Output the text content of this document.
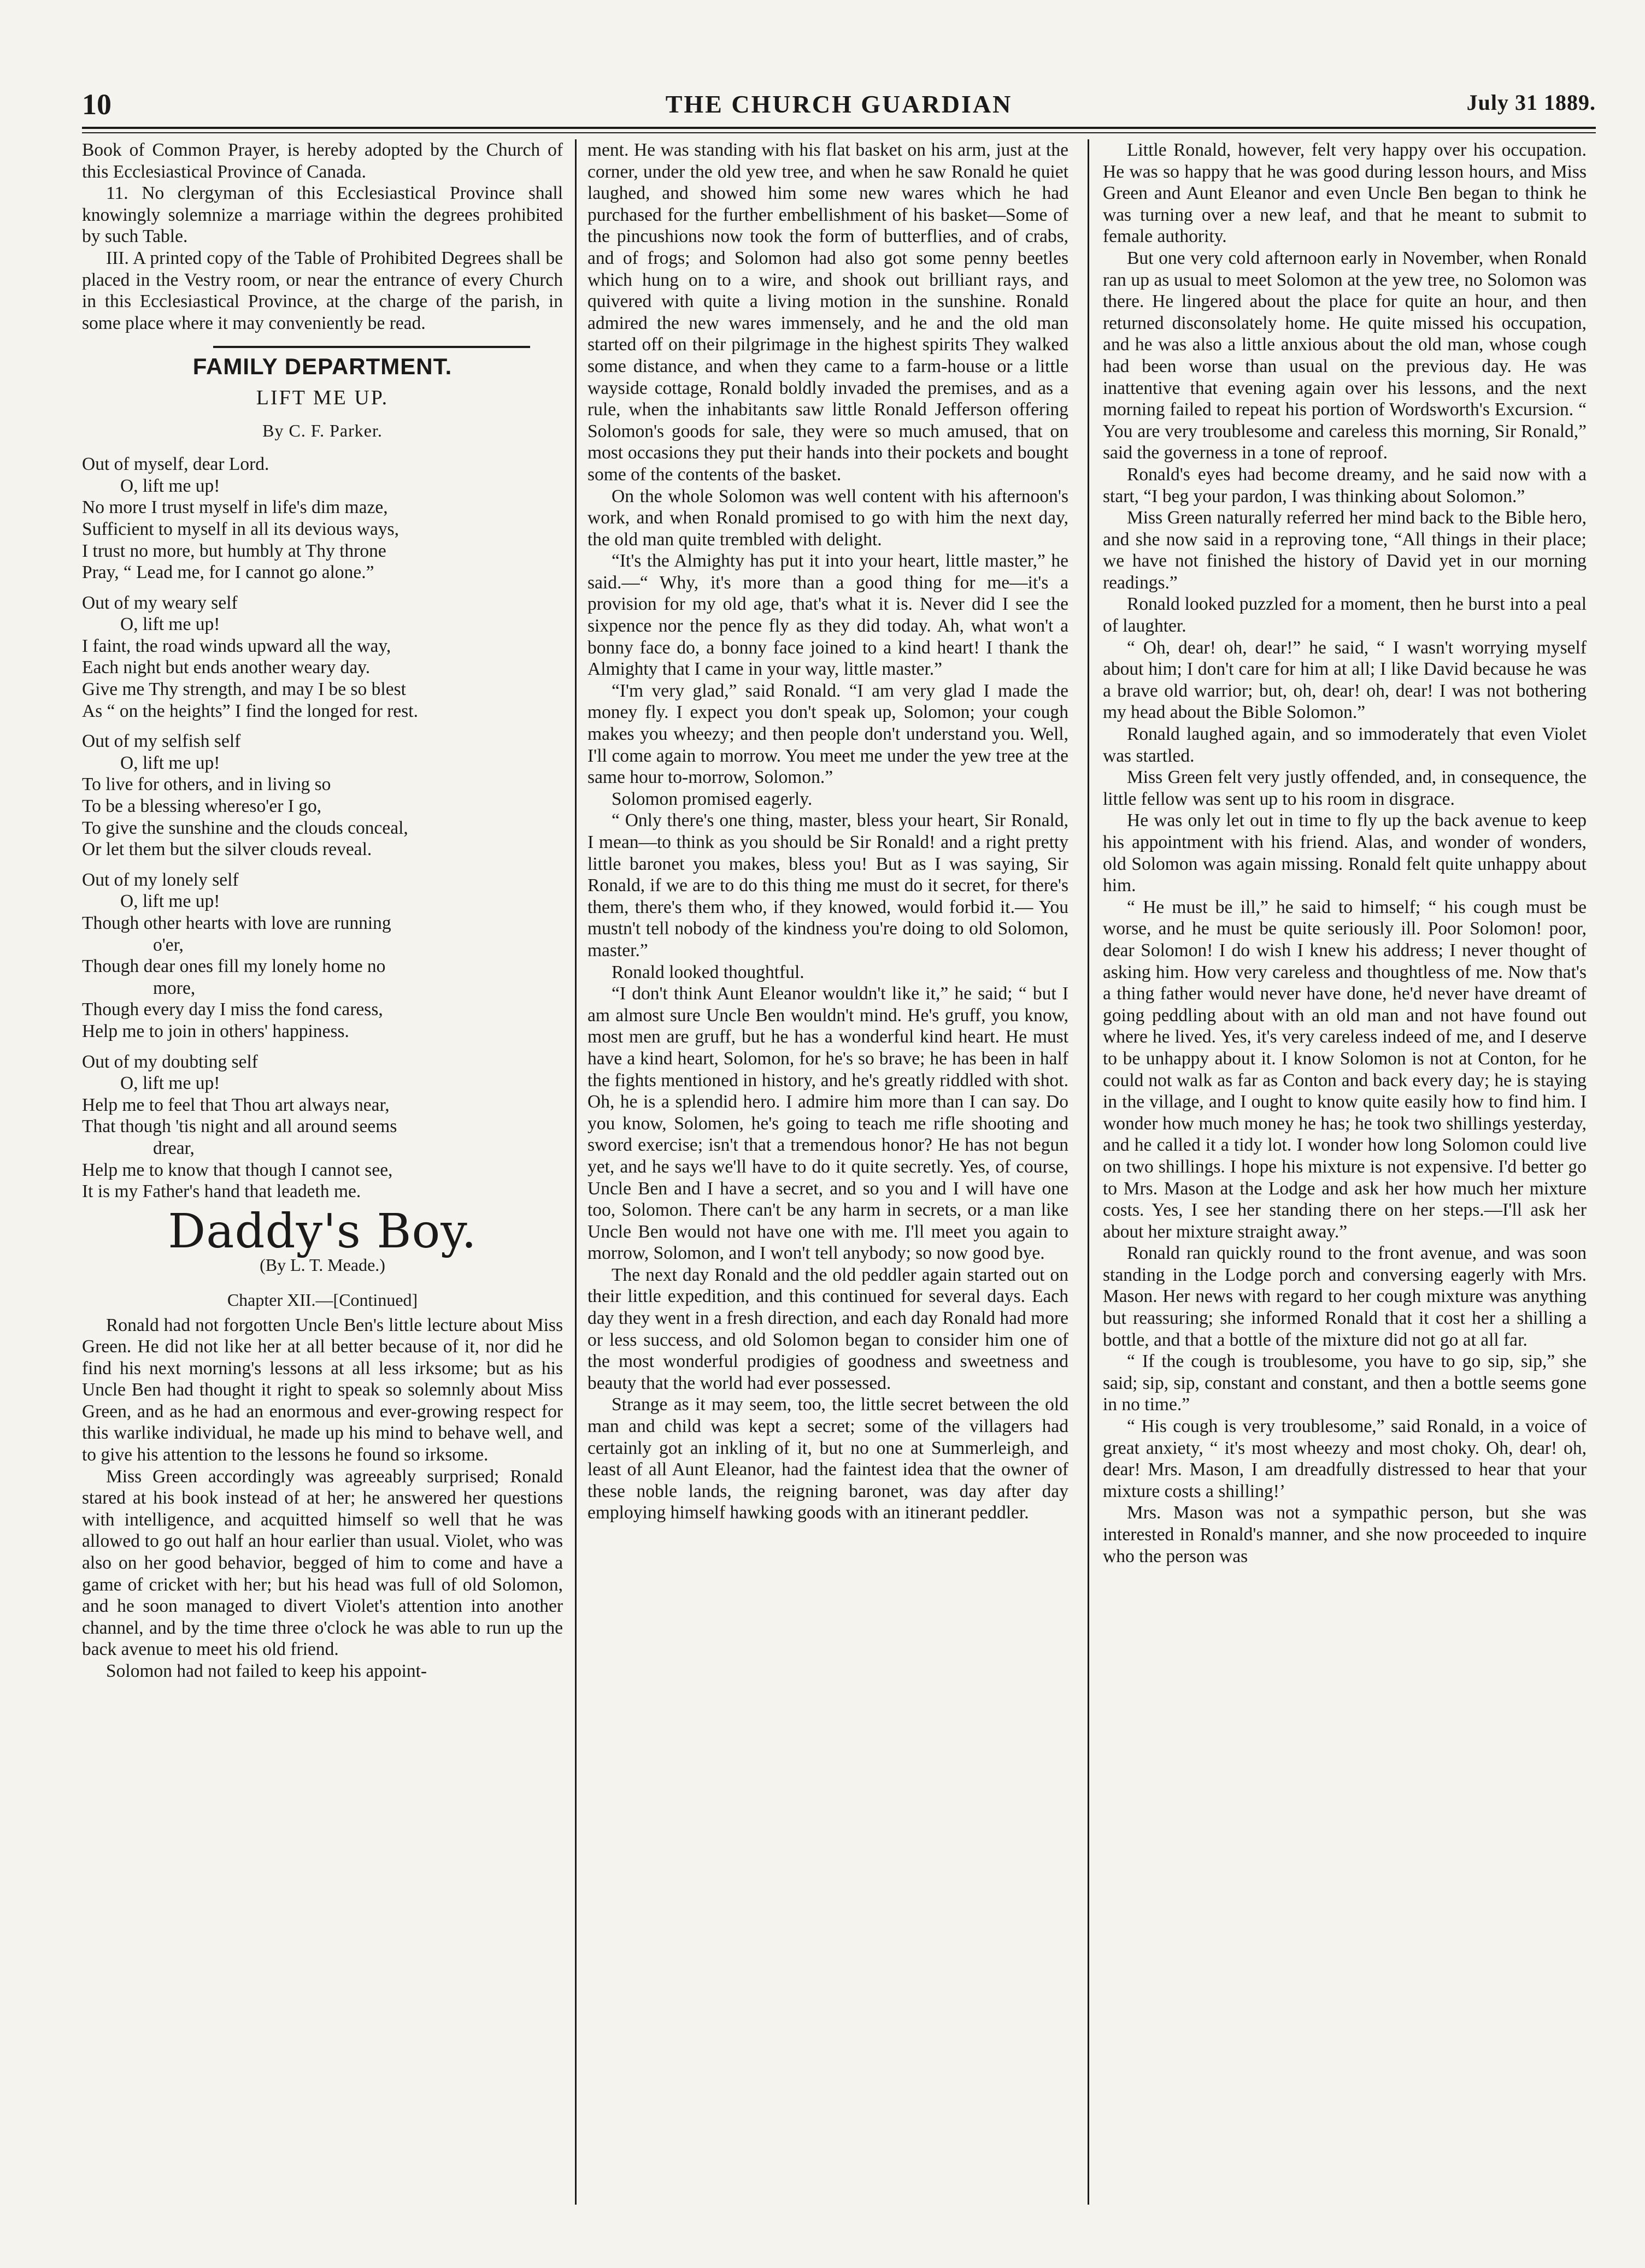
10	THE CHURCH GUARDIAN	July 31 1889.

Book of Common Prayer, is hereby adopted by the Church of this Ecclesiastical Province of Canada.

11. No clergyman of this Ecclesiastical Province shall knowingly solemnize a marriage within the degrees prohibited by such Table.

III. A printed copy of the Table of Prohibited Degrees shall be placed in the Vestry room, or near the entrance of every Church in this Ecclesiastical Province, at the charge of the parish, in some place where it may conveniently be read.

FAMILY DEPARTMENT.
LIFT ME UP.
By C. F. Parker.
Out of myself, dear Lord.
O, lift me up!
No more I trust myself in life's dim maze,
Sufficient to myself in all its devious ways,
I trust no more, but humbly at Thy throne
Pray, “ Lead me, for I cannot go alone.”
Out of my weary self
O, lift me up!
I faint, the road winds upward all the way,
Each night but ends another weary day.
Give me Thy strength, and may I be so blest
As “ on the heights” I find the longed for rest.
Out of my selfish self
O, lift me up!
To live for others, and in living so
To be a blessing whereso'er I go,
To give the sunshine and the clouds conceal,
Or let them but the silver clouds reveal.
Out of my lonely self
O, lift me up!
Though other hearts with love are running
o'er,
Though dear ones fill my lonely home no
more,
Though every day I miss the fond caress,
Help me to join in others' happiness.
Out of my doubting self
O, lift me up!
Help me to feel that Thou art always near,
That though 'tis night and all around seems
drear,
Help me to know that though I cannot see,
It is my Father's hand that leadeth me.
Daddy's Boy.
(By L. T. Meade.)
Chapter XII.—[Continued]

Ronald had not forgotten Uncle Ben's little lecture about Miss Green. He did not like her at all better because of it, nor did he find his next morning's lessons at all less irksome; but as his Uncle Ben had thought it right to speak so solemnly about Miss Green, and as he had an enormous and ever-growing respect for this warlike individual, he made up his mind to behave well, and to give his attention to the lessons he found so irksome.

Miss Green accordingly was agreeably surprised; Ronald stared at his book instead of at her; he answered her questions with intelligence, and acquitted himself so well that he was allowed to go out half an hour earlier than usual. Violet, who was also on her good behavior, begged of him to come and have a game of cricket with her; but his head was full of old Solomon, and he soon managed to divert Violet's attention into another channel, and by the time three o'clock he was able to run up the back avenue to meet his old friend.

Solomon had not failed to keep his appoint-

ment. He was standing with his flat basket on his arm, just at the corner, under the old yew tree, and when he saw Ronald he quiet laughed, and showed him some new wares which he had purchased for the further embellishment of his basket—Some of the pincushions now took the form of butterflies, and of crabs, and of frogs; and Solomon had also got some penny beetles which hung on to a wire, and shook out brilliant rays, and quivered with quite a living motion in the sunshine. Ronald admired the new wares immensely, and he and the old man started off on their pilgrimage in the highest spirits They walked some distance, and when they came to a farm-house or a little wayside cottage, Ronald boldly invaded the premises, and as a rule, when the inhabitants saw little Ronald Jefferson offering Solomon's goods for sale, they were so much amused, that on most occasions they put their hands into their pockets and bought some of the contents of the basket.

On the whole Solomon was well content with his afternoon's work, and when Ronald promised to go with him the next day, the old man quite trembled with delight.

“It's the Almighty has put it into your heart, little master,” he said.—“ Why, it's more than a good thing for me—it's a provision for my old age, that's what it is. Never did I see the sixpence nor the pence fly as they did today. Ah, what won't a bonny face do, a bonny face joined to a kind heart! I thank the Almighty that I came in your way, little master.”

“I'm very glad,” said Ronald. “I am very glad I made the money fly. I expect you don't speak up, Solomon; your cough makes you wheezy; and then people don't understand you. Well, I'll come again to morrow. You meet me under the yew tree at the same hour to-morrow, Solomon.”

Solomon promised eagerly.

“ Only there's one thing, master, bless your heart, Sir Ronald, I mean—to think as you should be Sir Ronald! and a right pretty little baronet you makes, bless you! But as I was saying, Sir Ronald, if we are to do this thing me must do it secret, for there's them, there's them who, if they knowed, would forbid it.— You mustn't tell nobody of the kindness you're doing to old Solomon, master.”

Ronald looked thoughtful.

“I don't think Aunt Eleanor wouldn't like it,” he said; “ but I am almost sure Uncle Ben wouldn't mind. He's gruff, you know, most men are gruff, but he has a wonderful kind heart. He must have a kind heart, Solomon, for he's so brave; he has been in half the fights mentioned in history, and he's greatly riddled with shot. Oh, he is a splendid hero. I admire him more than I can say. Do you know, Solomen, he's going to teach me rifle shooting and sword exercise; isn't that a tremendous honor? He has not begun yet, and he says we'll have to do it quite secretly. Yes, of course, Uncle Ben and I have a secret, and so you and I will have one too, Solomon. There can't be any harm in secrets, or a man like Uncle Ben would not have one with me. I'll meet you again to morrow, Solomon, and I won't tell anybody; so now good bye.

The next day Ronald and the old peddler again started out on their little expedition, and this continued for several days. Each day they went in a fresh direction, and each day Ronald had more or less success, and old Solomon began to consider him one of the most wonderful prodigies of goodness and sweetness and beauty that the world had ever possessed.

Strange as it may seem, too, the little secret between the old man and child was kept a secret; some of the villagers had certainly got an inkling of it, but no one at Summerleigh, and least of all Aunt Eleanor, had the faintest idea that the owner of these noble lands, the reigning baronet, was day after day employing himself hawking goods with an itinerant peddler.

Little Ronald, however, felt very happy over his occupation. He was so happy that he was good during lesson hours, and Miss Green and Aunt Eleanor and even Uncle Ben began to think he was turning over a new leaf, and that he meant to submit to female authority.

But one very cold afternoon early in November, when Ronald ran up as usual to meet Solomon at the yew tree, no Solomon was there. He lingered about the place for quite an hour, and then returned disconsolately home. He quite missed his occupation, and he was also a little anxious about the old man, whose cough had been worse than usual on the previous day. He was inattentive that evening again over his lessons, and the next morning failed to repeat his portion of Wordsworth's Excursion. “ You are very troublesome and careless this morning, Sir Ronald,” said the governess in a tone of reproof.

Ronald's eyes had become dreamy, and he said now with a start, “I beg your pardon, I was thinking about Solomon.”

Miss Green naturally referred her mind back to the Bible hero, and she now said in a reproving tone, “All things in their place; we have not finished the history of David yet in our morning readings.”

Ronald looked puzzled for a moment, then he burst into a peal of laughter.

“ Oh, dear! oh, dear!” he said, “ I wasn't worrying myself about him; I don't care for him at all; I like David because he was a brave old warrior; but, oh, dear! oh, dear! I was not bothering my head about the Bible Solomon.”

Ronald laughed again, and so immoderately that even Violet was startled.

Miss Green felt very justly offended, and, in consequence, the little fellow was sent up to his room in disgrace.

He was only let out in time to fly up the back avenue to keep his appointment with his friend. Alas, and wonder of wonders, old Solomon was again missing. Ronald felt quite unhappy about him.

“ He must be ill,” he said to himself; “ his cough must be worse, and he must be quite seriously ill. Poor Solomon! poor, dear Solomon! I do wish I knew his address; I never thought of asking him. How very careless and thoughtless of me. Now that's a thing father would never have done, he'd never have dreamt of going peddling about with an old man and not have found out where he lived. Yes, it's very careless indeed of me, and I deserve to be unhappy about it. I know Solomon is not at Conton, for he could not walk as far as Conton and back every day; he is staying in the village, and I ought to know quite easily how to find him. I wonder how much money he has; he took two shillings yesterday, and he called it a tidy lot. I wonder how long Solomon could live on two shillings. I hope his mixture is not expensive. I'd better go to Mrs. Mason at the Lodge and ask her how much her mixture costs. Yes, I see her standing there on her steps.—I'll ask her about her mixture straight away.”

Ronald ran quickly round to the front avenue, and was soon standing in the Lodge porch and conversing eagerly with Mrs. Mason. Her news with regard to her cough mixture was anything but reassuring; she informed Ronald that it cost her a shilling a bottle, and that a bottle of the mixture did not go at all far.

“ If the cough is troublesome, you have to go sip, sip,” she said; sip, sip, constant and constant, and then a bottle seems gone in no time.”

“ His cough is very troublesome,” said Ronald, in a voice of great anxiety, “ it's most wheezy and most choky. Oh, dear! oh, dear! Mrs. Mason, I am dreadfully distressed to hear that your mixture costs a shilling!’

Mrs. Mason was not a sympathic person, but she was interested in Ronald's manner, and she now proceeded to inquire who the person was
